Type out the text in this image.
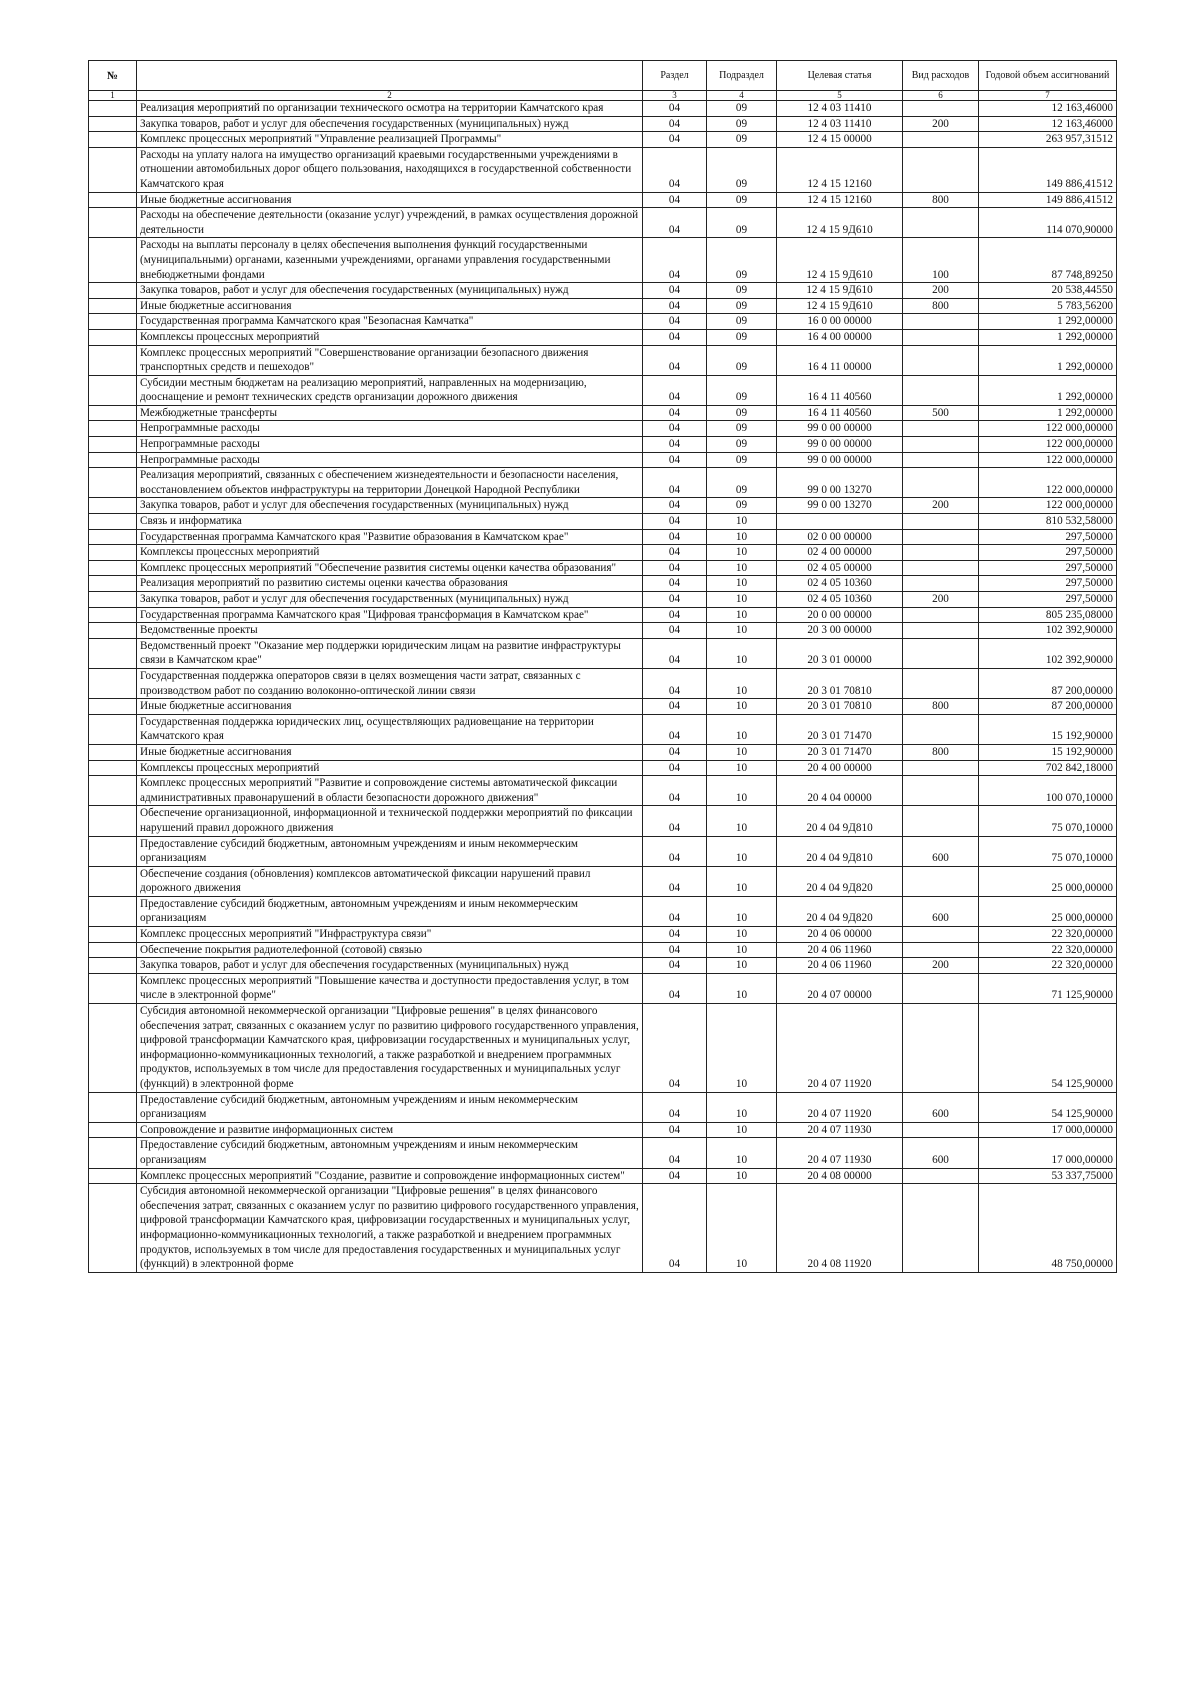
№		Раздел	Подраздел	Целевая статья	Вид расходов	Годовой объем ассигнований
1	2	3	4	5	6	7
	Реализация мероприятий по организации технического осмотра на территории Камчатского края	04	09	12 4 03 11410		12 163,46000
	Закупка товаров, работ и услуг для обеспечения государственных (муниципальных) нужд	04	09	12 4 03 11410	200	12 163,46000
	Комплекс процессных мероприятий "Управление реализацией Программы"	04	09	12 4 15 00000		263 957,31512
	Расходы на уплату налога на имущество организаций краевыми государственными учреждениями в отношении автомобильных дорог общего пользования, находящихся в государственной собственности Камчатского края	04	09	12 4 15 12160		149 886,41512
	Иные бюджетные ассигнования	04	09	12 4 15 12160	800	149 886,41512
	Расходы на обеспечение деятельности (оказание услуг) учреждений, в рамках осуществления дорожной деятельности	04	09	12 4 15 9Д610		114 070,90000
	Расходы на выплаты персоналу в целях обеспечения выполнения функций государственными (муниципальными) органами, казенными учреждениями, органами управления государственными внебюджетными фондами	04	09	12 4 15 9Д610	100	87 748,89250
	Закупка товаров, работ и услуг для обеспечения государственных (муниципальных) нужд	04	09	12 4 15 9Д610	200	20 538,44550
	Иные бюджетные ассигнования	04	09	12 4 15 9Д610	800	5 783,56200
	Государственная программа Камчатского края "Безопасная Камчатка"	04	09	16 0 00 00000		1 292,00000
	Комплексы процессных мероприятий	04	09	16 4 00 00000		1 292,00000
	Комплекс процессных мероприятий "Совершенствование организации безопасного движения транспортных средств и пешеходов"	04	09	16 4 11 00000		1 292,00000
	Субсидии местным бюджетам на реализацию мероприятий, направленных на модернизацию, дооснащение и ремонт технических средств организации дорожного движения	04	09	16 4 11 40560		1 292,00000
	Межбюджетные трансферты	04	09	16 4 11 40560	500	1 292,00000
	Непрограммные расходы	04	09	99 0 00 00000		122 000,00000
	Непрограммные расходы	04	09	99 0 00 00000		122 000,00000
	Непрограммные расходы	04	09	99 0 00 00000		122 000,00000
	Реализация мероприятий, связанных с обеспечением жизнедеятельности и безопасности населения, восстановлением объектов инфраструктуры на территории Донецкой Народной Республики	04	09	99 0 00 13270		122 000,00000
	Закупка товаров, работ и услуг для обеспечения государственных (муниципальных) нужд	04	09	99 0 00 13270	200	122 000,00000
	Связь и информатика	04	10			810 532,58000
	Государственная программа Камчатского края "Развитие образования в Камчатском крае"	04	10	02 0 00 00000		297,50000
	Комплексы процессных мероприятий	04	10	02 4 00 00000		297,50000
	Комплекс процессных мероприятий "Обеспечение развития системы оценки качества образования"	04	10	02 4 05 00000		297,50000
	Реализация мероприятий по развитию системы оценки качества образования	04	10	02 4 05 10360		297,50000
	Закупка товаров, работ и услуг для обеспечения государственных (муниципальных) нужд	04	10	02 4 05 10360	200	297,50000
	Государственная программа Камчатского края "Цифровая трансформация в Камчатском крае"	04	10	20 0 00 00000		805 235,08000
	Ведомственные проекты	04	10	20 3 00 00000		102 392,90000
	Ведомственный проект "Оказание мер поддержки юридическим лицам на развитие инфраструктуры связи в Камчатском крае"	04	10	20 3 01 00000		102 392,90000
	Государственная поддержка операторов связи в целях возмещения части затрат, связанных с производством работ по созданию волоконно-оптической линии связи	04	10	20 3 01 70810		87 200,00000
	Иные бюджетные ассигнования	04	10	20 3 01 70810	800	87 200,00000
	Государственная поддержка юридических лиц, осуществляющих радиовещание на территории Камчатского края	04	10	20 3 01 71470		15 192,90000
	Иные бюджетные ассигнования	04	10	20 3 01 71470	800	15 192,90000
	Комплексы процессных мероприятий	04	10	20 4 00 00000		702 842,18000
	Комплекс процессных мероприятий "Развитие и сопровождение системы автоматической фиксации административных правонарушений в области безопасности дорожного движения"	04	10	20 4 04 00000		100 070,10000
	Обеспечение организационной, информационной и технической поддержки мероприятий по фиксации нарушений правил дорожного движения	04	10	20 4 04 9Д810		75 070,10000
	Предоставление субсидий бюджетным, автономным учреждениям и иным некоммерческим организациям	04	10	20 4 04 9Д810	600	75 070,10000
	Обеспечение создания (обновления) комплексов автоматической фиксации нарушений правил дорожного движения	04	10	20 4 04 9Д820		25 000,00000
	Предоставление субсидий бюджетным, автономным учреждениям и иным некоммерческим организациям	04	10	20 4 04 9Д820	600	25 000,00000
	Комплекс процессных мероприятий "Инфраструктура связи"	04	10	20 4 06 00000		22 320,00000
	Обеспечение покрытия радиотелефонной (сотовой) связью	04	10	20 4 06 11960		22 320,00000
	Закупка товаров, работ и услуг для обеспечения государственных (муниципальных) нужд	04	10	20 4 06 11960	200	22 320,00000
	Комплекс процессных мероприятий "Повышение качества и доступности предоставления услуг, в том числе в электронной форме"	04	10	20 4 07 00000		71 125,90000
	Субсидия автономной некоммерческой организации "Цифровые решения" в целях финансового обеспечения затрат, связанных с оказанием услуг по развитию цифрового государственного управления, цифровой трансформации Камчатского края, цифровизации государственных и муниципальных услуг, информационно-коммуникационных технологий, а также разработкой и внедрением программных продуктов, используемых в том числе для предоставления государственных и муниципальных услуг (функций) в электронной форме	04	10	20 4 07 11920		54 125,90000
	Предоставление субсидий бюджетным, автономным учреждениям и иным некоммерческим организациям	04	10	20 4 07 11920	600	54 125,90000
	Сопровождение и развитие информационных систем	04	10	20 4 07 11930		17 000,00000
	Предоставление субсидий бюджетным, автономным учреждениям и иным некоммерческим организациям	04	10	20 4 07 11930	600	17 000,00000
	Комплекс процессных мероприятий "Создание, развитие и сопровождение информационных систем"	04	10	20 4 08 00000		53 337,75000
	Субсидия автономной некоммерческой организации "Цифровые решения" в целях финансового обеспечения затрат, связанных с оказанием услуг по развитию цифрового государственного управления, цифровой трансформации Камчатского края, цифровизации государственных и муниципальных услуг, информационно-коммуникационных технологий, а также разработкой и внедрением программных продуктов, используемых в том числе для предоставления государственных и муниципальных услуг (функций) в электронной форме	04	10	20 4 08 11920		48 750,00000
